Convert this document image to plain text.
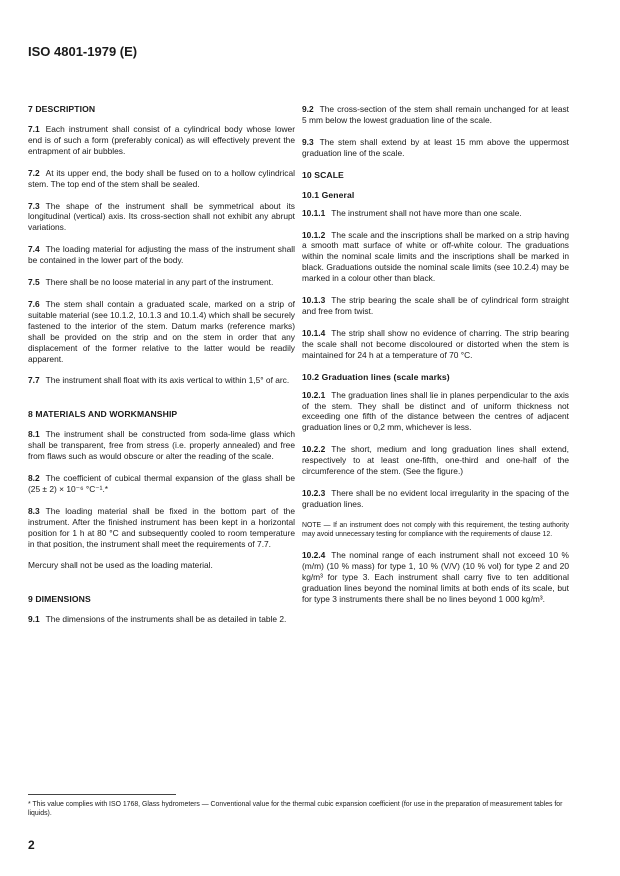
ISO 4801-1979 (E)
7 DESCRIPTION
7.1 Each instrument shall consist of a cylindrical body whose lower end is of such a form (preferably conical) as will effectively prevent the entrapment of air bubbles.
7.2 At its upper end, the body shall be fused on to a hollow cylindrical stem. The top end of the stem shall be sealed.
7.3 The shape of the instrument shall be symmetrical about its longitudinal (vertical) axis. Its cross-section shall not exhibit any abrupt variations.
7.4 The loading material for adjusting the mass of the instrument shall be contained in the lower part of the body.
7.5 There shall be no loose material in any part of the instrument.
7.6 The stem shall contain a graduated scale, marked on a strip of suitable material (see 10.1.2, 10.1.3 and 10.1.4) which shall be securely fastened to the interior of the stem. Datum marks (reference marks) shall be provided on the strip and on the stem in order that any displacement of the former relative to the latter would be readily apparent.
7.7 The instrument shall float with its axis vertical to within 1,5° of arc.
8 MATERIALS AND WORKMANSHIP
8.1 The instrument shall be constructed from soda-lime glass which shall be transparent, free from stress (i.e. properly annealed) and free from flaws such as would obscure or alter the reading of the scale.
8.2 The coefficient of cubical thermal expansion of the glass shall be (25 ± 2) × 10⁻⁶ °C⁻¹.*
8.3 The loading material shall be fixed in the bottom part of the instrument. After the finished instrument has been kept in a horizontal position for 1 h at 80 °C and subsequently cooled to room temperature in that position, the instrument shall meet the requirements of 7.7.
Mercury shall not be used as the loading material.
9 DIMENSIONS
9.1 The dimensions of the instruments shall be as detailed in table 2.
9.2 The cross-section of the stem shall remain unchanged for at least 5 mm below the lowest graduation line of the scale.
9.3 The stem shall extend by at least 15 mm above the uppermost graduation line of the scale.
10 SCALE
10.1 General
10.1.1 The instrument shall not have more than one scale.
10.1.2 The scale and the inscriptions shall be marked on a strip having a smooth matt surface of white or off-white colour. The graduations within the nominal scale limits and the inscriptions shall be marked in black. Graduations outside the nominal scale limits (see 10.2.4) may be marked in a colour other than black.
10.1.3 The strip bearing the scale shall be of cylindrical form straight and free from twist.
10.1.4 The strip shall show no evidence of charring. The strip bearing the scale shall not become discoloured or distorted when the stem is maintained for 24 h at a temperature of 70 °C.
10.2 Graduation lines (scale marks)
10.2.1 The graduation lines shall lie in planes perpendicular to the axis of the stem. They shall be distinct and of uniform thickness not exceeding one fifth of the distance between the centres of adjacent graduation lines or 0,2 mm, whichever is less.
10.2.2 The short, medium and long graduation lines shall extend, respectively to at least one-fifth, one-third and one-half of the circumference of the stem. (See the figure.)
10.2.3 There shall be no evident local irregularity in the spacing of the graduation lines.
NOTE — If an instrument does not comply with this requirement, the testing authority may avoid unnecessary testing for compliance with the requirements of clause 12.
10.2.4 The nominal range of each instrument shall not exceed 10 % (m/m) (10 % mass) for type 1, 10 % (V/V) (10 % vol) for type 2 and 20 kg/m³ for type 3. Each instrument shall carry five to ten additional graduation lines beyond the nominal limits at both ends of its scale, but for type 3 instruments there shall be no lines beyond 1 000 kg/m³.
* This value complies with ISO 1768, Glass hydrometers — Conventional value for the thermal cubic expansion coefficient (for use in the preparation of measurement tables for liquids).
2
